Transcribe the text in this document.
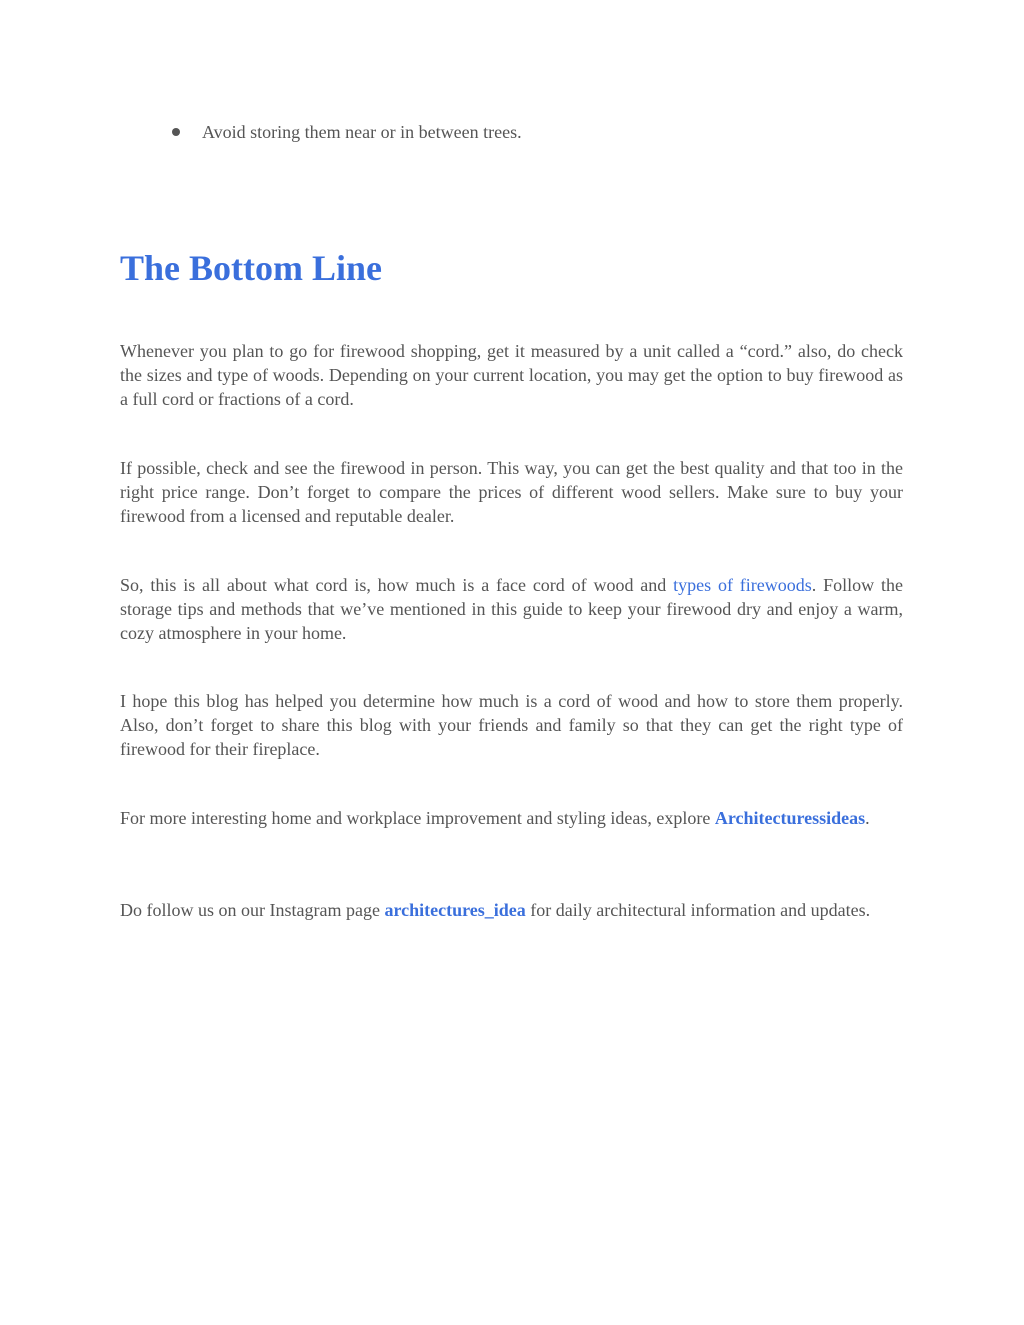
Avoid storing them near or in between trees.
The Bottom Line

Whenever you plan to go for firewood shopping, get it measured by a unit called a “cord.” also, do check the sizes and type of woods. Depending on your current location, you may get the option to buy firewood as a full cord or fractions of a cord.

If possible, check and see the firewood in person. This way, you can get the best quality and that too in the right price range. Don’t forget to compare the prices of different wood sellers. Make sure to buy your firewood from a licensed and reputable dealer.

So, this is all about what cord is, how much is a face cord of wood and types of firewoods. Follow the storage tips and methods that we’ve mentioned in this guide to keep your firewood dry and enjoy a warm, cozy atmosphere in your home.

I hope this blog has helped you determine how much is a cord of wood and how to store them properly. Also, don’t forget to share this blog with your friends and family so that they can get the right type of firewood for their fireplace.

For more interesting home and workplace improvement and styling ideas, explore Architecturessideas.

Do follow us on our Instagram page architectures_idea for daily architectural information and updates.
